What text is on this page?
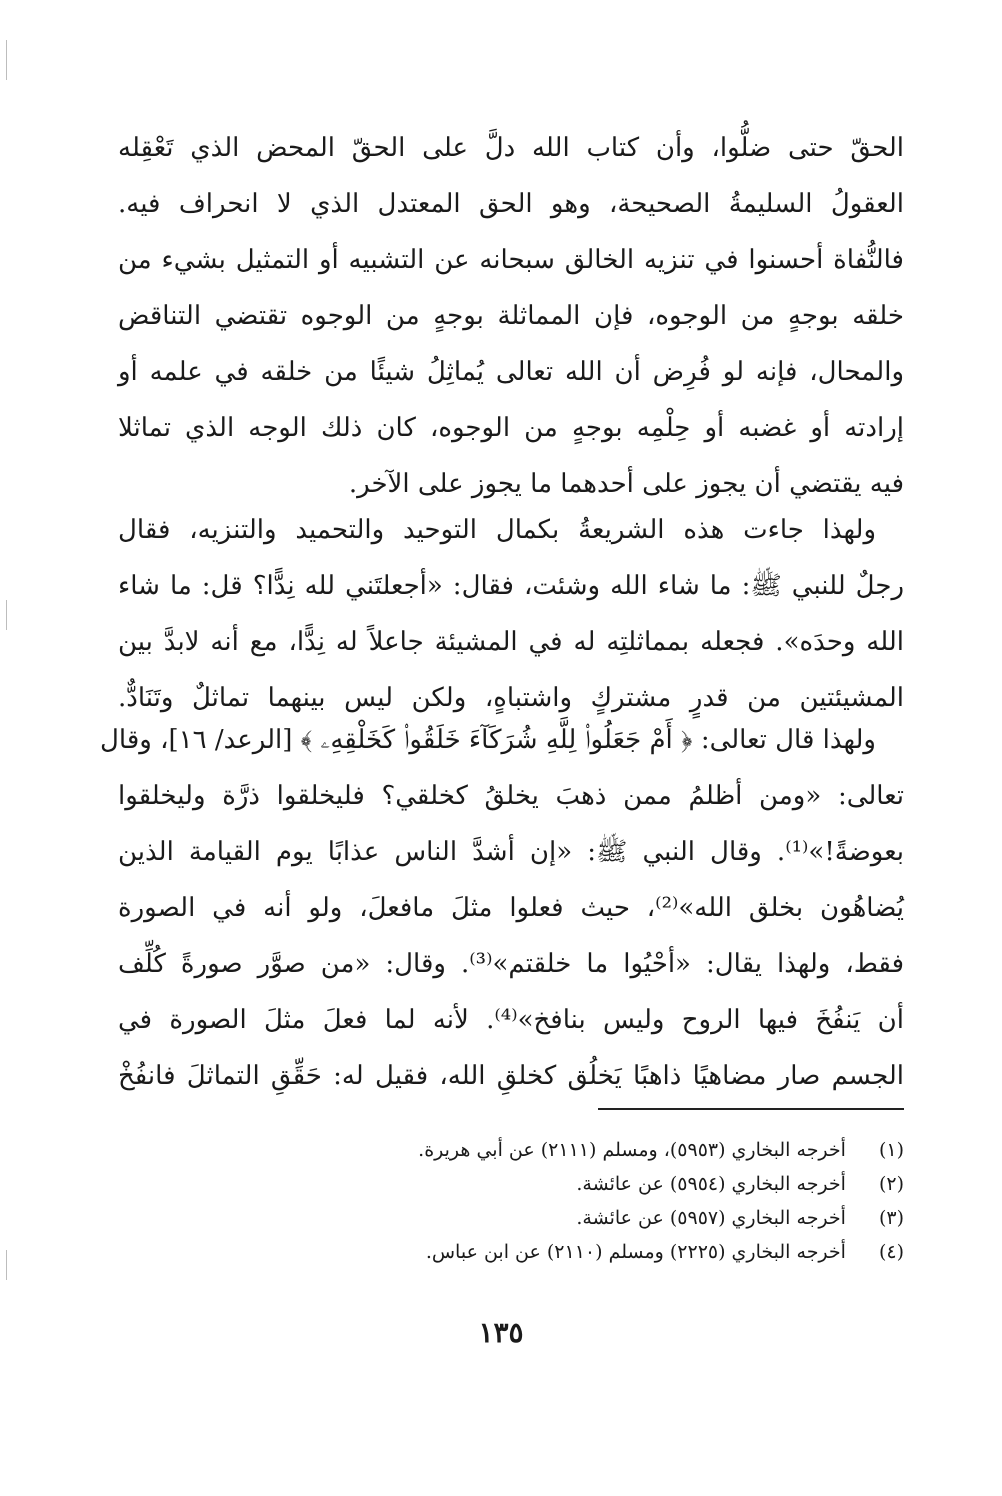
الحقّ حتى ضلُّوا، وأن كتاب الله دلَّ على الحقّ المحض الذي تَعْقِله
العقولُ السليمةُ الصحيحة، وهو الحق المعتدل الذي لا انحراف فيه.
فالنُّفاة أحسنوا في تنزيه الخالق سبحانه عن التشبيه أو التمثيل بشيء من
خلقه بوجهٍ من الوجوه، فإن المماثلة بوجهٍ من الوجوه تقتضي التناقض
والمحال، فإنه لو فُرِض أن الله تعالى يُماثِلُ شيئًا من خلقه في علمه أو
إرادته أو غضبه أو حِلْمِه بوجهٍ من الوجوه، كان ذلك الوجه الذي تماثلا
فيه يقتضي أن يجوز على أحدهما ما يجوز على الآخر.
ولهذا جاءت هذه الشريعةُ بكمال التوحيد والتحميد والتنزيه، فقال
رجلٌ للنبي ﷺ: ما شاء الله وشئت، فقال: «أجعلتَني لله نِدًّا؟ قل: ما شاء
الله وحدَه». فجعله بمماثلتِه له في المشيئة جاعلاً له نِدًّا، مع أنه لابدَّ بين
المشيئتين من قدرٍ مشتركٍ واشتباهٍ، ولكن ليس بينهما تماثلٌ وتَنَادٌّ.
ولهذا قال تعالى: ﴿ أَمْ جَعَلُوا۟ لِلَّهِ شُرَكَآءَ خَلَقُوا۟ كَخَلْقِهِۦ ﴾ [الرعد/ ١٦]، وقال
تعالى: «ومن أظلمُ ممن ذهبَ يخلقُ كخلقي؟ فليخلقوا ذرَّة وليخلقوا
بعوضةً!»⁽¹⁾. وقال النبي ﷺ: «إن أشدَّ الناس عذابًا يوم القيامة الذين
يُضاهُون بخلق الله»⁽²⁾، حيث فعلوا مثلَ مافعلَ، ولو أنه في الصورة
فقط، ولهذا يقال: «أحْيُوا ما خلقتم»⁽³⁾. وقال: «من صوَّر صورةً كُلِّف
أن يَنفُخَ فيها الروح وليس بنافخ»⁽⁴⁾. لأنه لما فعلَ مثلَ الصورة في
الجسم صار مضاهيًا ذاهبًا يَخلُق كخلقِ الله، فقيل له: حَقِّقِ التماثلَ فانفُخْ
(١) أخرجه البخاري (٥٩٥٣)، ومسلم (٢١١١) عن أبي هريرة.
(٢) أخرجه البخاري (٥٩٥٤) عن عائشة.
(٣) أخرجه البخاري (٥٩٥٧) عن عائشة.
(٤) أخرجه البخاري (٢٢٢٥) ومسلم (٢١١٠) عن ابن عباس.
١٣٥
